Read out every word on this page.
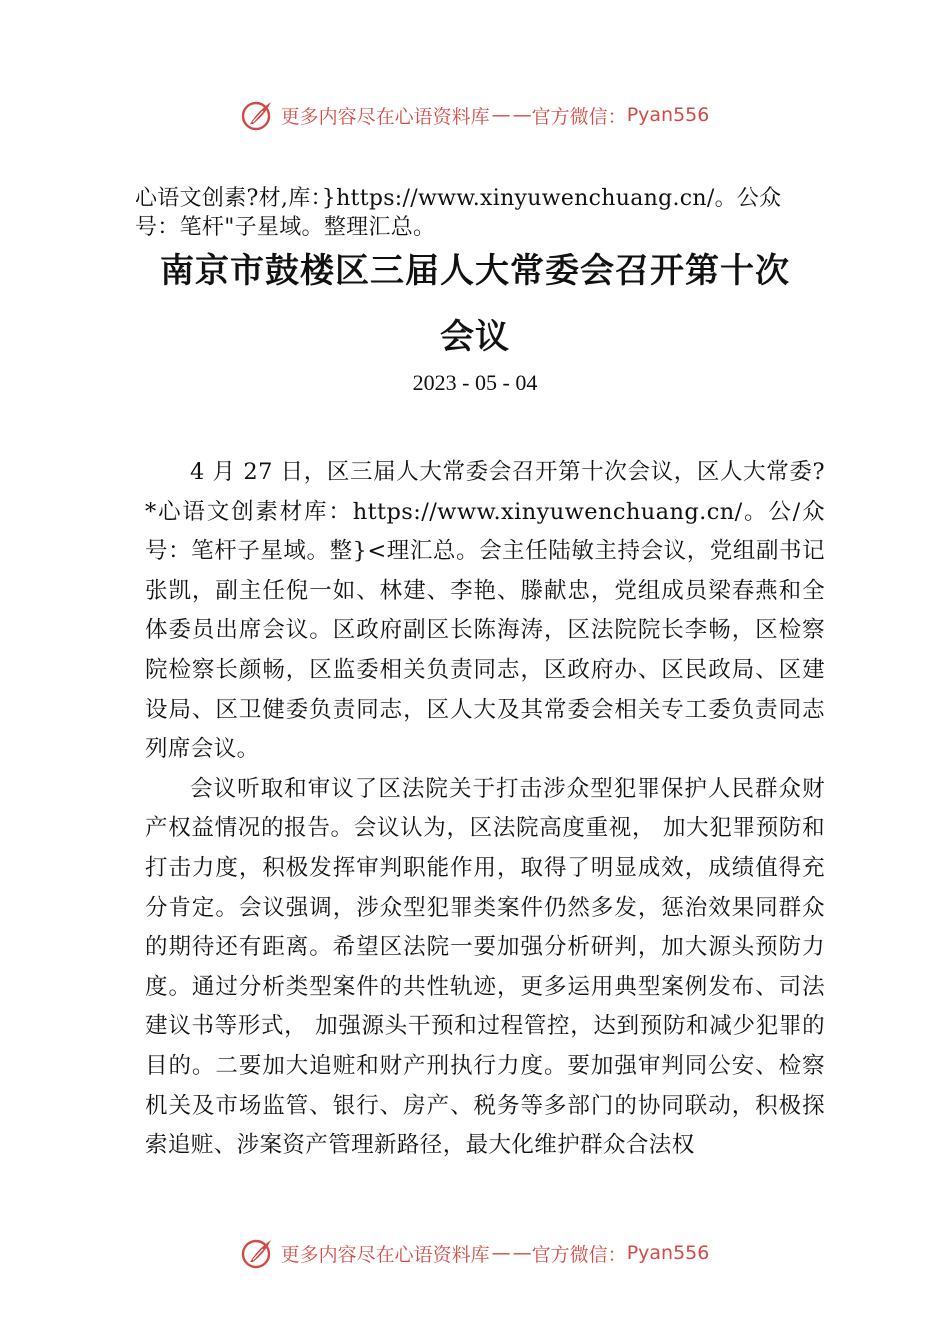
更多内容尽在心语资料库 — — 官方微信： Pyan556
心语文创素?材,库：}https://www.xinyuwenchuang.cn/。公众号：笔杆"子星域。整理汇总。
南京市鼓楼区三届人大常委会召开第十次
会议
2023 - 05 - 04

4 月 27 日，区三届人大常委会召开第十次会议，区人大常委?*心语文创素材库：https://www.xinyuwenchuang.cn/。公/众号：笔杆子星域。整}<理汇总。会主任陆敏主持会议，党组副书记张凯，副主任倪一如、林建、李艳、滕献忠，党组成员梁春燕和全体委员出席会议。区政府副区长陈海涛，区法院院长李畅，区检察院检察长颜畅，区监委相关负责同志，区政府办、区民政局、区建设局、区卫健委负责同志，区人大及其常委会相关专工委负责同志列席会议。

会议听取和审议了区法院关于打击涉众型犯罪保护人民群众财产权益情况的报告。会议认为，区法院高度重视， 加大犯罪预防和打击力度，积极发挥审判职能作用，取得了明显成效，成绩值得充分肯定。会议强调，涉众型犯罪类案件仍然多发，惩治效果同群众的期待还有距离。希望区法院一要加强分析研判，加大源头预防力度。通过分析类型案件的共性轨迹，更多运用典型案例发布、司法建议书等形式， 加强源头干预和过程管控，达到预防和减少犯罪的目的。二要加大追赃和财产刑执行力度。要加强审判同公安、检察机关及市场监管、银行、房产、税务等多部门的协同联动，积极探索追赃、涉案资产管理新路径，最大化维护群众合法权

更多内容尽在心语资料库 — — 官方微信： Pyan556
